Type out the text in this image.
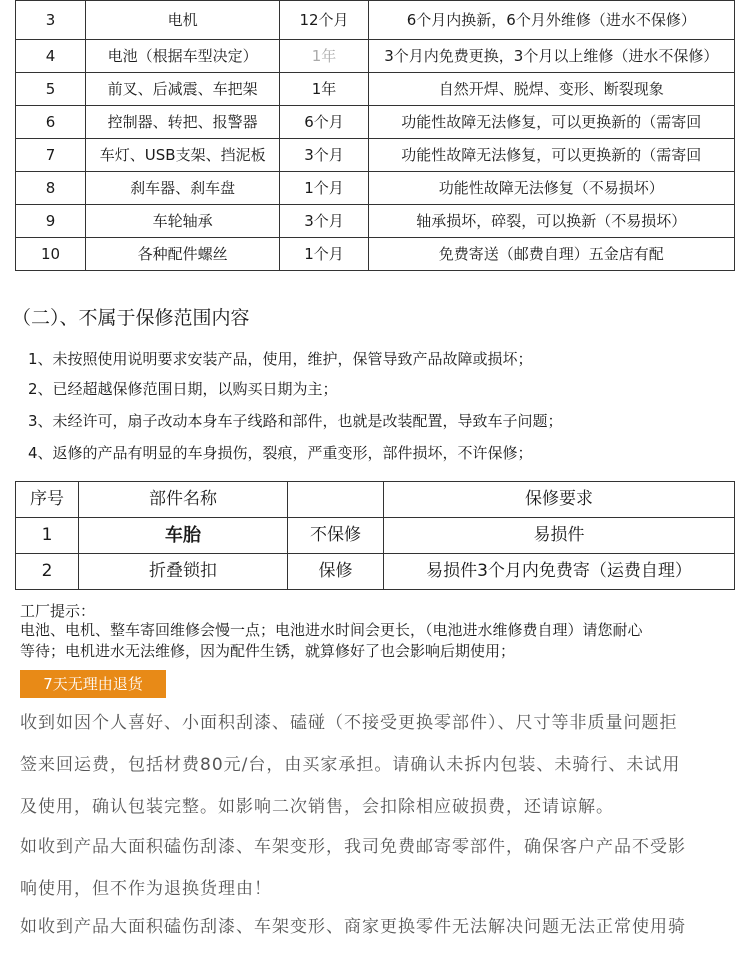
3	电机	12个月	6个月内换新，6个月外维修（进水不保修）
4	电池（根据车型决定）	1年	3个月内免费更换，3个月以上维修（进水不保修）
5	前叉、后减震、车把架	1年	自然开焊、脱焊、变形、断裂现象
6	控制器、转把、报警器	6个月	功能性故障无法修复，可以更换新的（需寄回
7	车灯、USB支架、挡泥板	3个月	功能性故障无法修复，可以更换新的（需寄回
8	刹车器、刹车盘	1个月	功能性故障无法修复（不易损坏）
9	车轮轴承	3个月	轴承损坏，碎裂，可以换新（不易损坏）
10	各种配件螺丝	1个月	免费寄送（邮费自理）五金店有配
（二）、不属于保修范围内容
1、未按照使用说明要求安装产品，使用，维护，保管导致产品故障或损坏；
2、已经超越保修范围日期，以购买日期为主；
3、未经许可，扇子改动本身车子线路和部件，也就是改装配置，导致车子问题；
4、返修的产品有明显的车身损伤，裂痕，严重变形，部件损坏，不许保修；
序号	部件名称		保修要求
1	车胎	不保修	易损件
2	折叠锁扣	保修	易损件3个月内免费寄（运费自理）
工厂提示：
电池、电机、整车寄回维修会慢一点；电池进水时间会更长，（电池进水维修费自理）请您耐心
等待；电机进水无法维修，因为配件生锈，就算修好了也会影响后期使用；
7天无理由退货
收到如因个人喜好、小面积刮漆、磕碰（不接受更换零部件）、尺寸等非质量问题拒
签来回运费，包括材费80元/台，由买家承担。请确认未拆内包装、未骑行、未试用
及使用，确认包装完整。如影响二次销售，会扣除相应破损费，还请谅解。
如收到产品大面积磕伤刮漆、车架变形，我司免费邮寄零部件，确保客户产品不受影
响使用，但不作为退换货理由！
如收到产品大面积磕伤刮漆、车架变形、商家更换零件无法解决问题无法正常使用骑
